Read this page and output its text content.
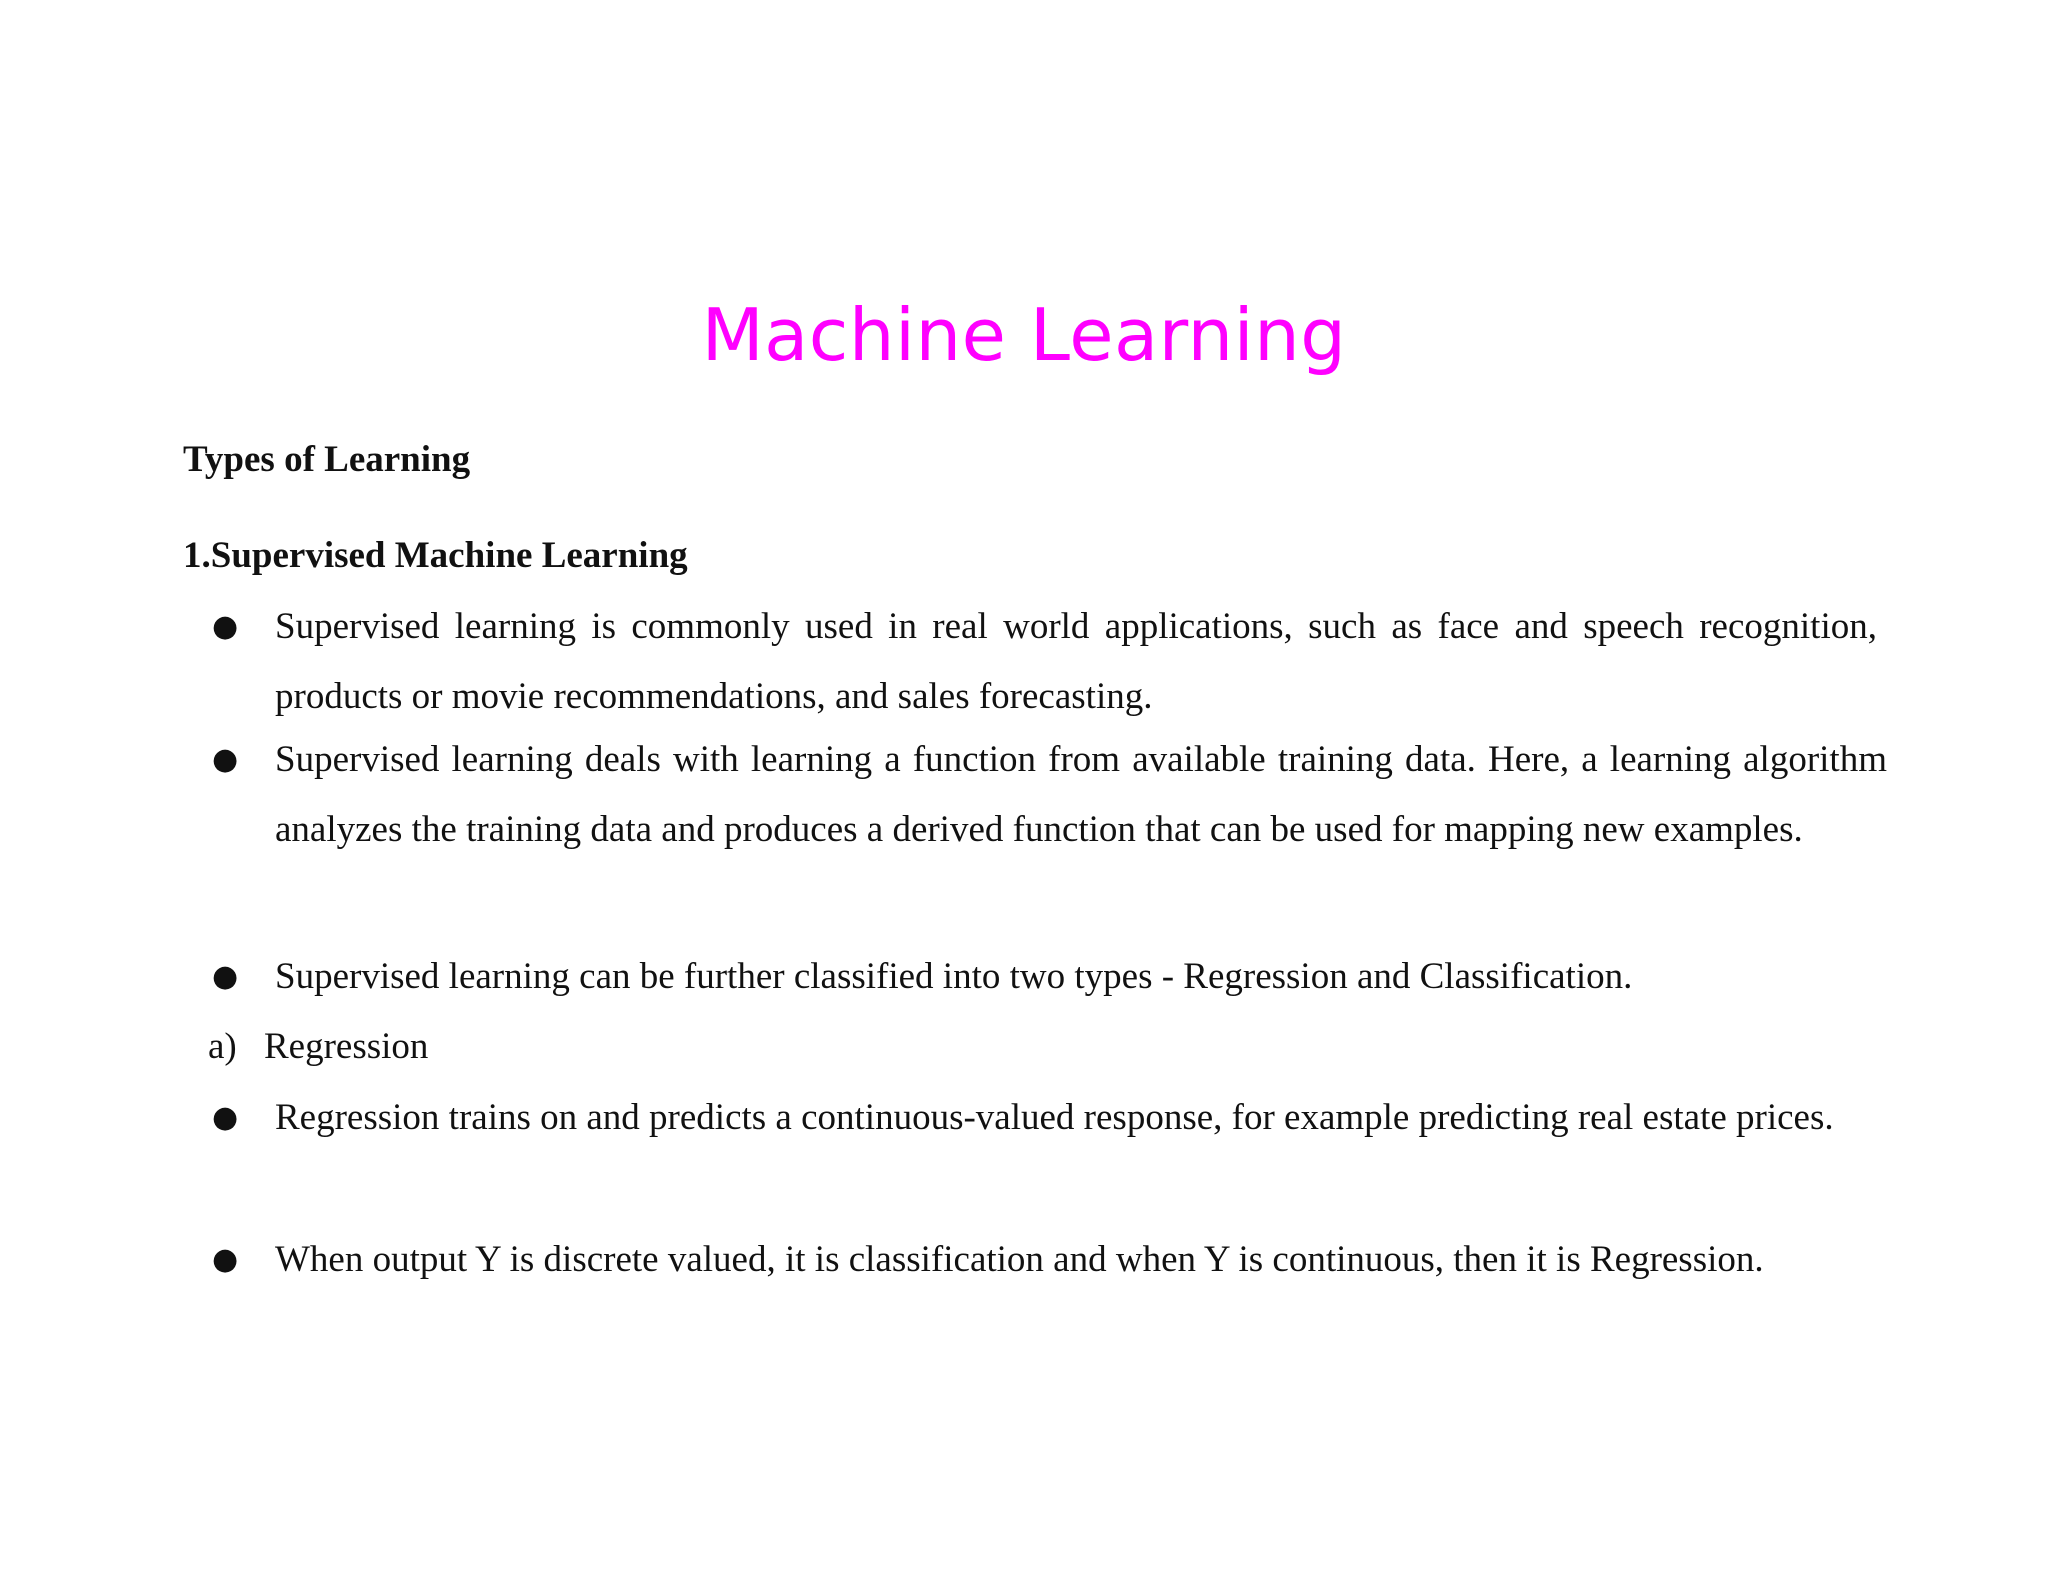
Machine Learning
Types of Learning
1.Supervised Machine Learning
● Supervised learning is commonly used in real world applications, such as face and speech recognition, products or movie recommendations, and sales forecasting.
● Supervised learning deals with learning a function from available training data. Here, a learning algorithm analyzes the training data and produces a derived function that can be used for mapping new examples.
● Supervised learning can be further classified into two types - Regression and Classification.
a) Regression
● Regression trains on and predicts a continuous-valued response, for example predicting real estate prices.
● When output Y is discrete valued, it is classification and when Y is continuous, then it is Regression.
